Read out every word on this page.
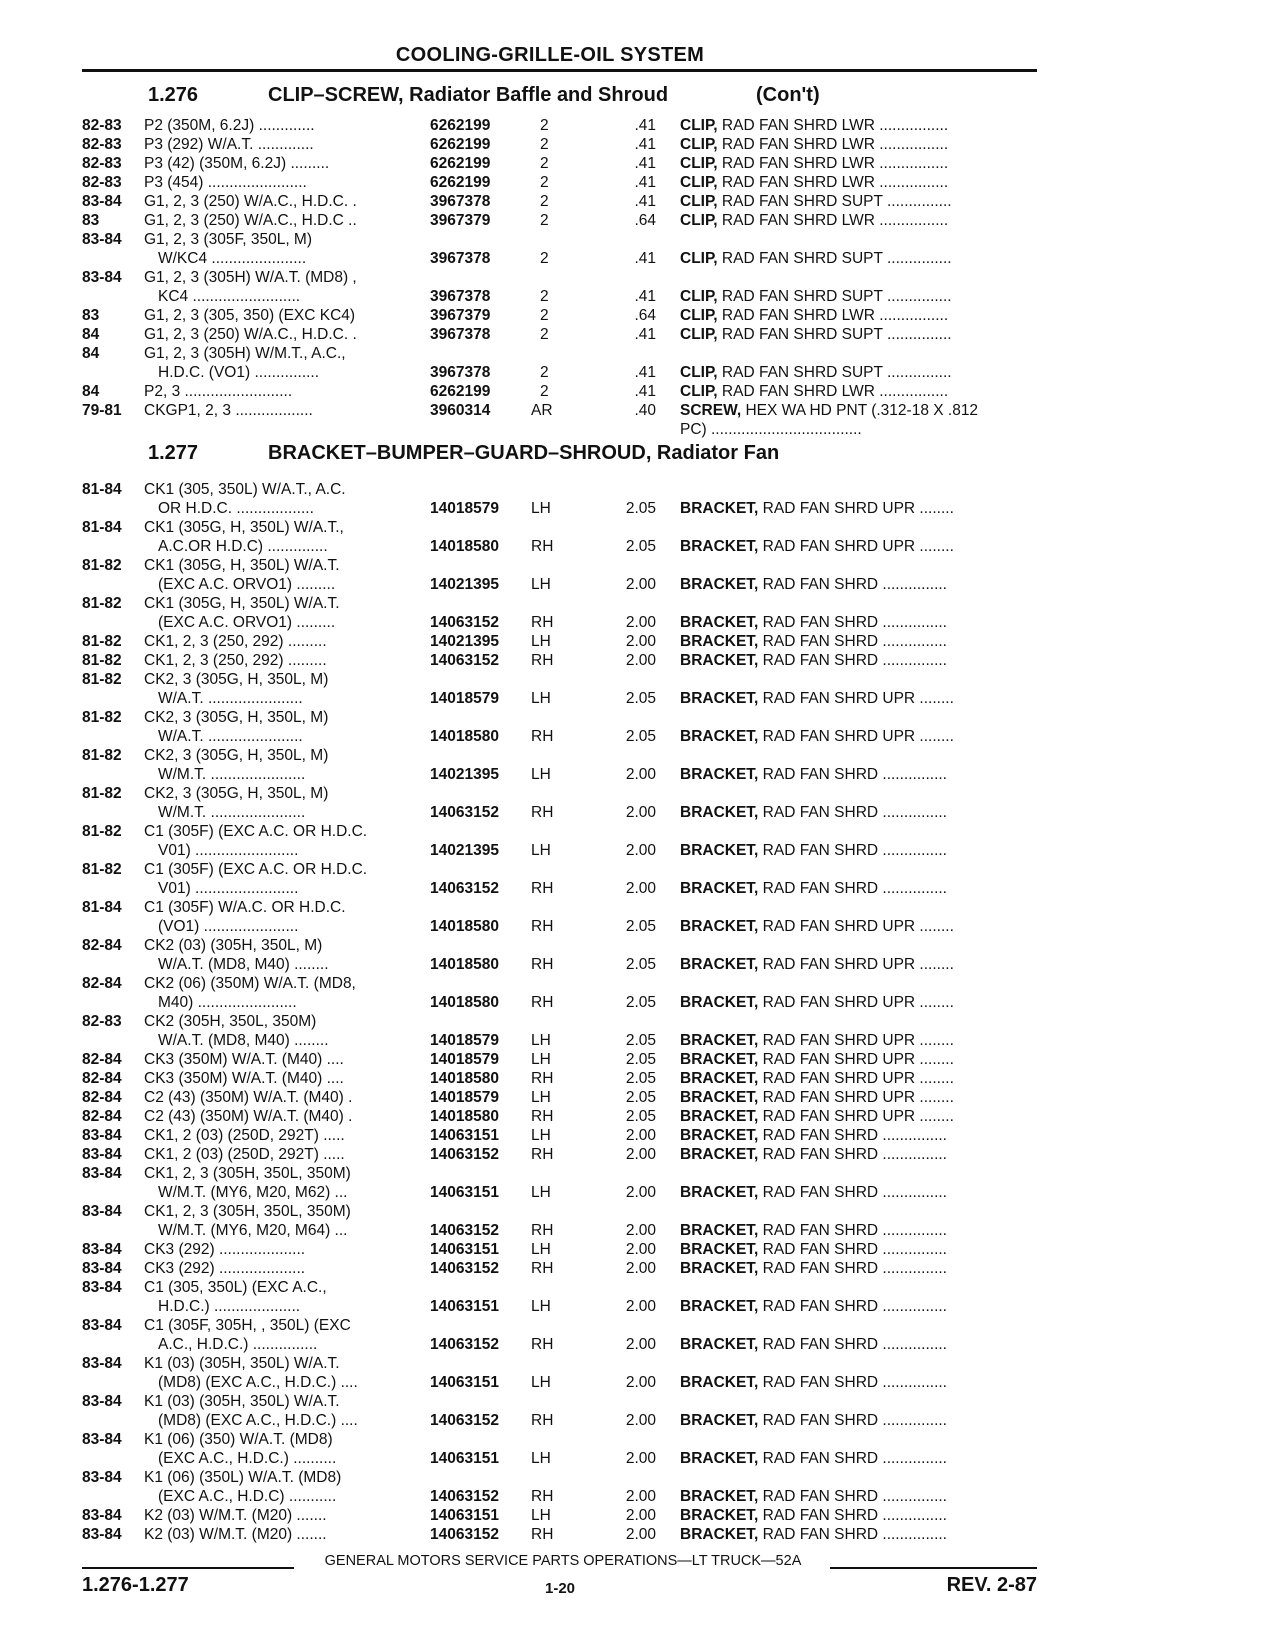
COOLING-GRILLE-OIL SYSTEM
1.276	CLIP–SCREW, Radiator Baffle and Shroud	(Con't)
1.277	BRACKET–BUMPER–GUARD–SHROUD, Radiator Fan
82-83	P2 (350M, 6.2J) .............	6262199	2	.41 CLIP, RAD FAN SHRD LWR ................
82-83	P3 (292) W/A.T. .............	6262199	2	.41 CLIP, RAD FAN SHRD LWR ................
82-83	P3 (42) (350M, 6.2J) .........	6262199	2	.41 CLIP, RAD FAN SHRD LWR ................
82-83	P3 (454) .......................	6262199	2	.41 CLIP, RAD FAN SHRD LWR ................
83-84	G1, 2, 3 (250) W/A.C., H.D.C. .	3967378	2	.41 CLIP, RAD FAN SHRD SUPT ...............
83	G1, 2, 3 (250) W/A.C., H.D.C ..	3967379	2	.64 CLIP, RAD FAN SHRD LWR ................
83-84	G1, 2, 3 (305F, 350L, M)
W/KC4 ......................	3967378	2	.41 CLIP, RAD FAN SHRD SUPT ...............
83-84	G1, 2, 3 (305H) W/A.T. (MD8) ,
KC4 .........................	3967378	2	.41 CLIP, RAD FAN SHRD SUPT ...............
83	G1, 2, 3 (305, 350) (EXC KC4)	3967379	2	.64 CLIP, RAD FAN SHRD LWR ................
84	G1, 2, 3 (250) W/A.C., H.D.C. .	3967378	2	.41 CLIP, RAD FAN SHRD SUPT ...............
84	G1, 2, 3 (305H) W/M.T., A.C.,
H.D.C. (VO1) ...............	3967378	2	.41 CLIP, RAD FAN SHRD SUPT ...............
84	P2, 3 .........................	6262199	2	.41 CLIP, RAD FAN SHRD LWR ................
79-81	CKGP1, 2, 3 ..................	3960314	AR	.40 SCREW, HEX WA HD PNT (.312-18 X .812
PC) ...................................
81-84	CK1 (305, 350L) W/A.T., A.C.
OR H.D.C. ..................	14018579 LH	2.05 BRACKET, RAD FAN SHRD UPR ........
81-84	CK1 (305G, H, 350L) W/A.T.,
A.C.OR H.D.C) ..............	14018580 RH	2.05 BRACKET, RAD FAN SHRD UPR ........
81-82	CK1 (305G, H, 350L) W/A.T.
(EXC A.C. ORVO1) .........	14021395 LH	2.00 BRACKET, RAD FAN SHRD ...............
81-82	CK1 (305G, H, 350L) W/A.T.
(EXC A.C. ORVO1) .........	14063152 RH	2.00 BRACKET, RAD FAN SHRD ...............
81-82	CK1, 2, 3 (250, 292) .........	14021395 LH	2.00 BRACKET, RAD FAN SHRD ...............
81-82	CK1, 2, 3 (250, 292) .........	14063152 RH	2.00 BRACKET, RAD FAN SHRD ...............
81-82	CK2, 3 (305G, H, 350L, M)
W/A.T. ......................	14018579 LH	2.05 BRACKET, RAD FAN SHRD UPR ........
81-82	CK2, 3 (305G, H, 350L, M)
W/A.T. ......................	14018580 RH	2.05 BRACKET, RAD FAN SHRD UPR ........
81-82	CK2, 3 (305G, H, 350L, M)
W/M.T. ......................	14021395 LH	2.00 BRACKET, RAD FAN SHRD ...............
81-82	CK2, 3 (305G, H, 350L, M)
W/M.T. ......................	14063152 RH	2.00 BRACKET, RAD FAN SHRD ...............
81-82	C1 (305F) (EXC A.C. OR H.D.C.
V01) ........................	14021395 LH	2.00 BRACKET, RAD FAN SHRD ...............
81-82	C1 (305F) (EXC A.C. OR H.D.C.
V01) ........................	14063152 RH	2.00 BRACKET, RAD FAN SHRD ...............
81-84	C1 (305F) W/A.C. OR H.D.C.
(VO1) ......................	14018580 RH	2.05 BRACKET, RAD FAN SHRD UPR ........
82-84	CK2 (03) (305H, 350L, M)
W/A.T. (MD8, M40) ........	14018580 RH	2.05 BRACKET, RAD FAN SHRD UPR ........
82-84	CK2 (06) (350M) W/A.T. (MD8,
M40) .......................	14018580 RH	2.05 BRACKET, RAD FAN SHRD UPR ........
82-83	CK2 (305H, 350L, 350M)
W/A.T. (MD8, M40) ........	14018579 LH	2.05 BRACKET, RAD FAN SHRD UPR ........
82-84	CK3 (350M) W/A.T. (M40) ....	14018579 LH	2.05 BRACKET, RAD FAN SHRD UPR ........
82-84	CK3 (350M) W/A.T. (M40) ....	14018580 RH	2.05 BRACKET, RAD FAN SHRD UPR ........
82-84	C2 (43) (350M) W/A.T. (M40) .	14018579 LH	2.05 BRACKET, RAD FAN SHRD UPR ........
82-84	C2 (43) (350M) W/A.T. (M40) .	14018580 RH	2.05 BRACKET, RAD FAN SHRD UPR ........
83-84	CK1, 2 (03) (250D, 292T) .....	14063151 LH	2.00 BRACKET, RAD FAN SHRD ...............
83-84	CK1, 2 (03) (250D, 292T) .....	14063152 RH	2.00 BRACKET, RAD FAN SHRD ...............
83-84	CK1, 2, 3 (305H, 350L, 350M)
W/M.T. (MY6, M20, M62) ...	14063151 LH	2.00 BRACKET, RAD FAN SHRD ...............
83-84	CK1, 2, 3 (305H, 350L, 350M)
W/M.T. (MY6, M20, M64) ...	14063152 RH	2.00 BRACKET, RAD FAN SHRD ...............
83-84	CK3 (292) ....................	14063151 LH	2.00 BRACKET, RAD FAN SHRD ...............
83-84	CK3 (292) ....................	14063152 RH	2.00 BRACKET, RAD FAN SHRD ...............
83-84	C1 (305, 350L) (EXC A.C.,
H.D.C.) ....................	14063151 LH	2.00 BRACKET, RAD FAN SHRD ...............
83-84	C1 (305F, 305H, , 350L) (EXC
A.C., H.D.C.) ...............	14063152 RH	2.00 BRACKET, RAD FAN SHRD ...............
83-84	K1 (03) (305H, 350L) W/A.T.
(MD8) (EXC A.C., H.D.C.) ....	14063151 LH	2.00 BRACKET, RAD FAN SHRD ...............
83-84	K1 (03) (305H, 350L) W/A.T.
(MD8) (EXC A.C., H.D.C.) ....	14063152 RH	2.00 BRACKET, RAD FAN SHRD ...............
83-84	K1 (06) (350) W/A.T. (MD8)
(EXC A.C., H.D.C.) ..........	14063151 LH	2.00 BRACKET, RAD FAN SHRD ...............
83-84	K1 (06) (350L) W/A.T. (MD8)
(EXC A.C., H.D.C) ...........	14063152 RH	2.00 BRACKET, RAD FAN SHRD ...............
83-84	K2 (03) W/M.T. (M20) .......	14063151 LH	2.00 BRACKET, RAD FAN SHRD ...............
83-84	K2 (03) W/M.T. (M20) .......	14063152 RH	2.00 BRACKET, RAD FAN SHRD ...............
GENERAL MOTORS SERVICE PARTS OPERATIONS—LT TRUCK—52A
1.276-1.277	1-20	REV. 2-87
